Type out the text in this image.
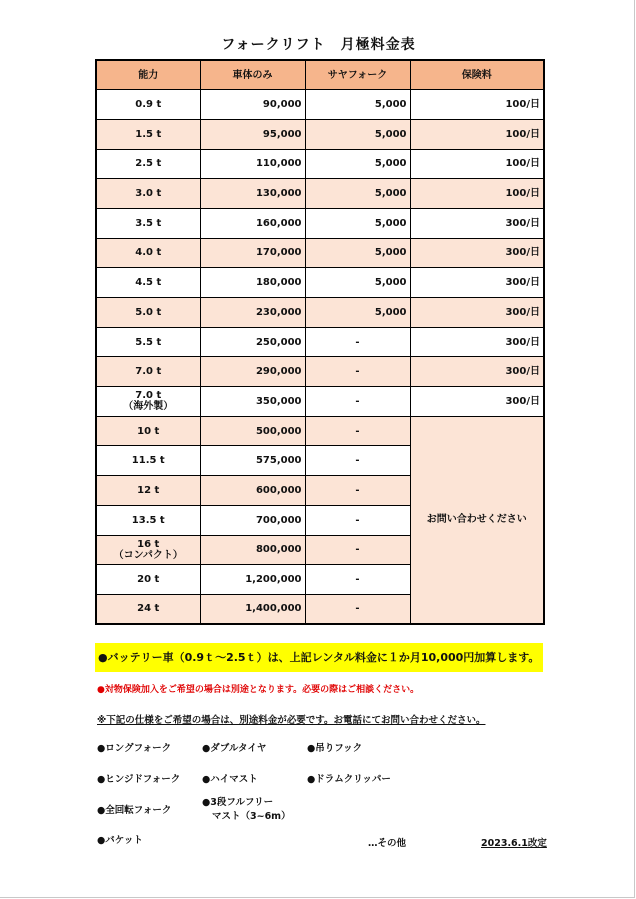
フォークリフト　月極料金表
能力	車体のみ	サヤフォーク	保険料
0.9 t	90,000	5,000	100/日
1.5 t	95,000	5,000	100/日
2.5 t	110,000	5,000	100/日
3.0 t	130,000	5,000	100/日
3.5 t	160,000	5,000	300/日
4.0 t	170,000	5,000	300/日
4.5 t	180,000	5,000	300/日
5.0 t	230,000	5,000	300/日
5.5 t	250,000	-	300/日
7.0 t	290,000	-	300/日

7.0 t
（海外製）	350,000	-	300/日
10 t	500,000	-	お問い合わせください
11.5 t	575,000	-	
12 t	600,000	-	
13.5 t	700,000	-	

16 t
（コンパクト）	800,000	-	
20 t	1,200,000	-	
24 t	1,400,000	-	
●バッテリー車（0.9ｔ～2.5ｔ）は、上記レンタル料金に１か月10,000円加算します。
●対物保険加入をご希望の場合は別途となります。必要の際はご相談ください。
※下記の仕様をご希望の場合は、別途料金が必要です。お電話にてお問い合わせください。
●ロングフォーク	●ダブルタイヤ	●吊りフック
●ヒンジドフォーク ●ハイマスト	●ドラムクリッパー
●全回転フォーク
●3段フルフリー
マスト（3~6m）
●バケット	…その他	2023.6.1改定
